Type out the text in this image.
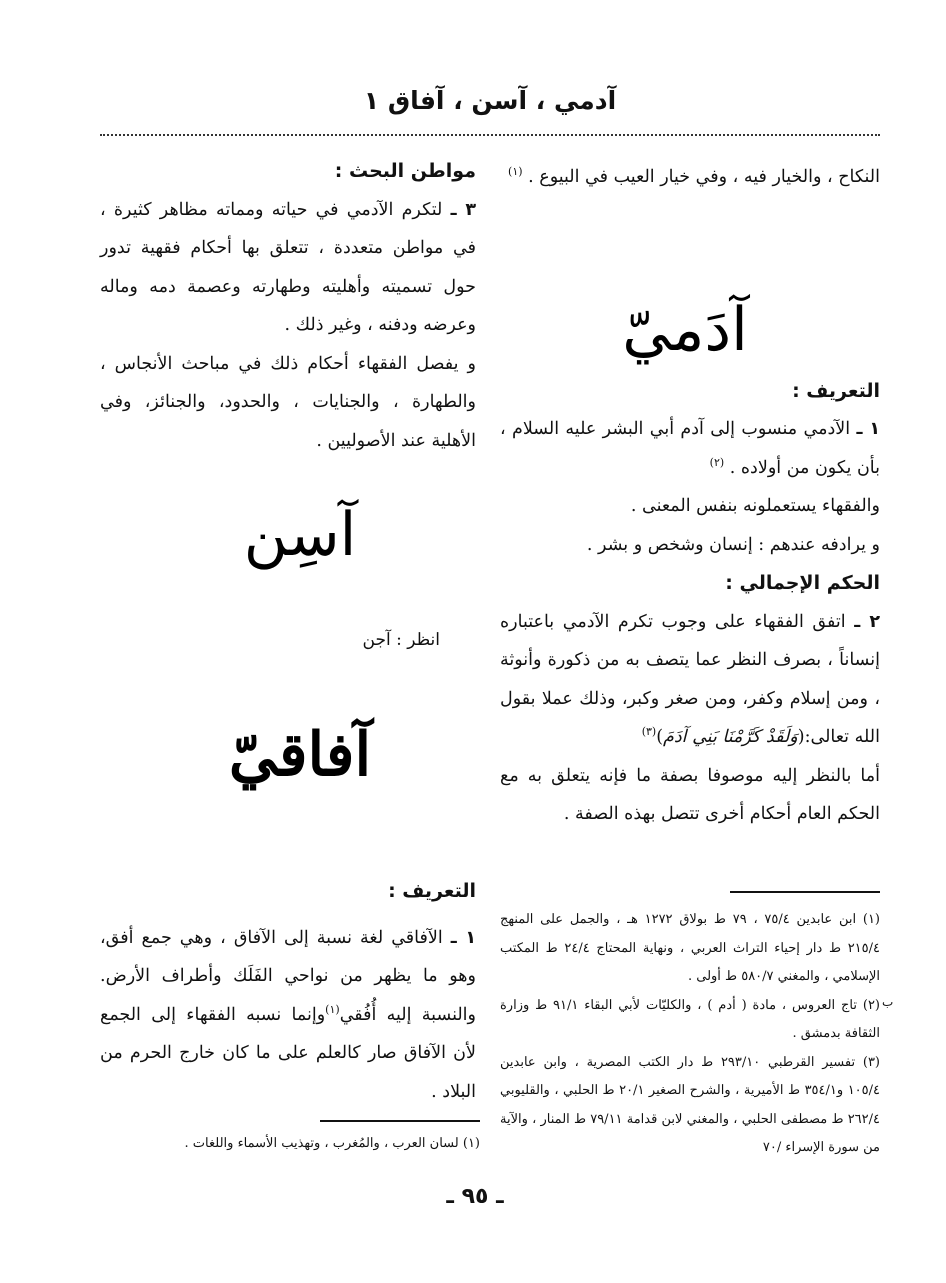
آدمي ، آسن ، آفاق ١

النكاح ، والخيار فيه ، وفي خيار العيب في البيوع . $^{(١)}$

التعريف :

١ ـ الآدمي منسوب إلى آدم أبي البشر عليه السلام ، بأن يكون من أولاده . $^{(٢)}$

والفقهاء يستعملونه بنفس المعنى .

و يرادفه عندهم : إنسان وشخص و بشر .

الحكم الإجمالي :

٢ ـ اتفق الفقهاء على وجوب تكرم الآدمي باعتباره إنساناً ، بصرف النظر عما يتصف به من ذكورة وأنوثة ، ومن إسلام وكفر، ومن صغر وكبر، وذلك عملا بقول الله تعالى:(وَلَقَدْ كَرَّمْنَا بَنِي آدَمَ)$^{(٣)}$

أما بالنظر إليه موصوفا بصفة ما فإنه يتعلق به مع الحكم العام أحكام أخرى تتصل بهذه الصفة .

آدَميّ

مواطن البحث :

٣ ـ لتكرم الآدمي في حياته ومماته مظاهر كثيرة ، في مواطن متعددة ، تتعلق بها أحكام فقهية تدور حول تسميته وأهليته وطهارته وعصمة دمه وماله وعرضه ودفنه ، وغير ذلك .

و يفصل الفقهاء أحكام ذلك في مباحث الأنجاس ، والطهارة ، والجنايات ، والحدود، والجنائز، وفي الأهلية عند الأصوليين .

آسِن
انظر : آجن
آفاقيّ

التعريف :

١ ـ الآفاقي لغة نسبة إلى الآفاق ، وهي جمع أفق، وهو ما يظهر من نواحي الفَلَك وأطراف الأرض. والنسبة إليه أُفُقي$^{(١)}$وإنما نسبه الفقهاء إلى الجمع لأن الآفاق صار كالعلم على ما كان خارج الحرم من البلاد .

(١) ابن عابدين ٧٥/٤ ، ٧٩ ط بولاق ١٢٧٢ هـ ، والجمل على المنهج ٢١٥/٤ ط دار إحياء التراث العربي ، ونهاية المحتاج ٢٤/٤ ط المكتب الإسلامي ، والمغني ٥٨٠/٧ ط أولى .

(٢) تاج العروس ، مادة ( أدم ) ، والكليّات لأبي البقاء ٩١/١ ط وزارة الثقافة بدمشق .

(٣) تفسير القرطبي ٢٩٣/١٠ ط دار الكتب المصرية ، وابن عابدين ١٠٥/٤ و٣٥٤/١ ط الأميرية ، والشرح الصغير ٢٠/١ ط الحلبي ، والقليوبي ٢٦٢/٤ ط مصطفى الحلبي ، والمغني لابن قدامة ٧٩/١١ ط المنار ، والآية من سورة الإسراء /٧٠

ب

(١) لسان العرب ، والمُغرب ، وتهذيب الأسماء واللغات .

ـ ٩٥ ـ
